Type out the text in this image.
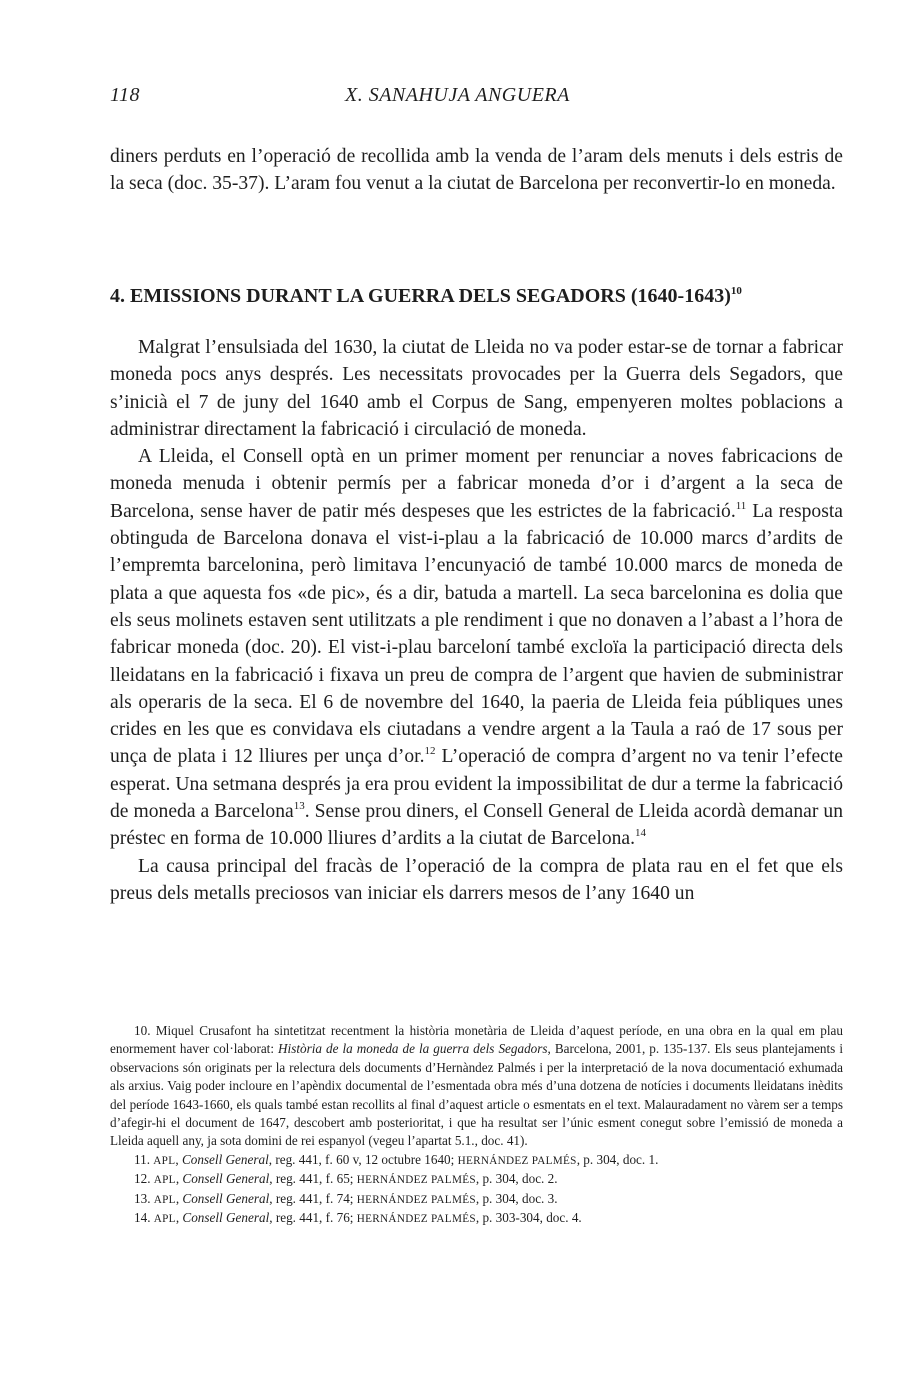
118	X. SANAHUJA ANGUERA

diners perduts en l’operació de recollida amb la venda de l’aram dels menuts i dels estris de la seca (doc. 35-37). L’aram fou venut a la ciutat de Barcelona per reconvertir-lo en moneda.

4. EMISSIONS DURANT LA GUERRA DELS SEGADORS (1640-1643)$^{10}$

Malgrat l’ensulsiada del 1630, la ciutat de Lleida no va poder estar-se de tornar a fabricar moneda pocs anys després. Les necessitats provocades per la Guerra dels Segadors, que s’inicià el 7 de juny del 1640 amb el Corpus de Sang, empenyeren moltes poblacions a administrar directament la fabricació i circulació de moneda.

A Lleida, el Consell optà en un primer moment per renunciar a noves fabricacions de moneda menuda i obtenir permís per a fabricar moneda d’or i d’argent a la seca de Barcelona, sense haver de patir més despeses que les estrictes de la fabricació.$^{11}$ La resposta obtinguda de Barcelona donava el vist-i-plau a la fabricació de 10.000 marcs d’ardits de l’empremta barcelonina, però limitava l’encunyació de també 10.000 marcs de moneda de plata a que aquesta fos «de pic», és a dir, batuda a martell. La seca barcelonina es dolia que els seus molinets estaven sent utilitzats a ple rendiment i que no donaven a l’abast a l’hora de fabricar moneda (doc. 20). El vist-i-plau barceloní també excloïa la participació directa dels lleidatans en la fabricació i fixava un preu de compra de l’argent que havien de subministrar als operaris de la seca. El 6 de novembre del 1640, la paeria de Lleida feia públiques unes crides en les que es convidava els ciutadans a vendre argent a la Taula a raó de 17 sous per unça de plata i 12 lliures per unça d’or.$^{12}$ L’operació de compra d’argent no va tenir l’efecte esperat. Una setmana després ja era prou evident la impossibilitat de dur a terme la fabricació de moneda a Barcelona$^{13}$. Sense prou diners, el Consell General de Lleida acordà demanar un préstec en forma de 10.000 lliures d’ardits a la ciutat de Barcelona.$^{14}$

La causa principal del fracàs de l’operació de la compra de plata rau en el fet que els preus dels metalls preciosos van iniciar els darrers mesos de l’any 1640 un

10. Miquel Crusafont ha sintetitzat recentment la història monetària de Lleida d’aquest període, en una obra en la qual em plau enormement haver col·laborat: Història de la moneda de la guerra dels Segadors, Barcelona, 2001, p. 135-137. Els seus plantejaments i observacions són originats per la relectura dels documents d’Hernàndez Palmés i per la interpretació de la nova documentació exhumada als arxius. Vaig poder incloure en l’apèndix documental de l’esmentada obra més d’una dotzena de notícies i documents lleidatans inèdits del període 1643-1660, els quals també estan recollits al final d’aquest article o esmentats en el text. Malauradament no vàrem ser a temps d’afegir-hi el document de 1647, descobert amb posterioritat, i que ha resultat ser l’únic esment conegut sobre l’emissió de moneda a Lleida aquell any, ja sota domini de rei espanyol (vegeu l’apartat 5.1., doc. 41).

11. APL, Consell General, reg. 441, f. 60 v, 12 octubre 1640; HERNÁNDEZ PALMÉS, p. 304, doc. 1.

12. APL, Consell General, reg. 441, f. 65; HERNÁNDEZ PALMÉS, p. 304, doc. 2.

13. APL, Consell General, reg. 441, f. 74; HERNÁNDEZ PALMÉS, p. 304, doc. 3.

14. APL, Consell General, reg. 441, f. 76; HERNÁNDEZ PALMÉS, p. 303-304, doc. 4.
